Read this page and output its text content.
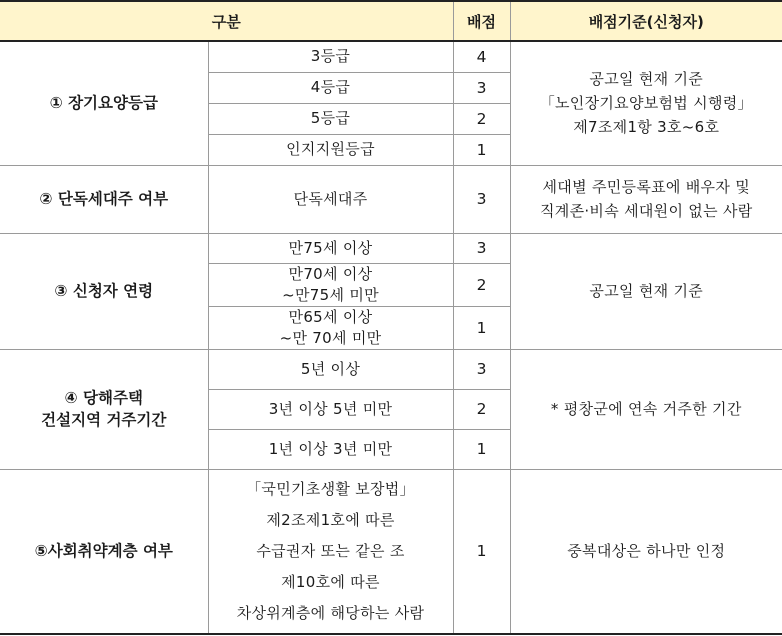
구분		배점	배점기준(신청자)
① 장기요양등급	3등급	4	공고일 현재 기준
「노인장기요양보험법 시행령」
제7조제1항 3호~6호
	4등급	3	
	5등급	2	
	인지지원등급	1	
② 단독세대주 여부	단독세대주	3	세대별 주민등록표에 배우자 및
직계존·비속 세대원이 없는 사람
③ 신청자 연령	만75세 이상	3	공고일 현재 기준
	만70세 이상
~만75세 미만	2	
	만65세 이상
~만 70세 미만	1	
④ 당해주택
건설지역 거주기간	5년 이상	3	* 평창군에 연속 거주한 기간
	3년 이상 5년 미만	2	
	1년 이상 3년 미만	1	
⑤사회취약계층 여부	「국민기초생활 보장법」
제2조제1호에 따른
수급권자 또는 같은 조
제10호에 따른
차상위계층에 해당하는 사람	1	중복대상은 하나만 인정
